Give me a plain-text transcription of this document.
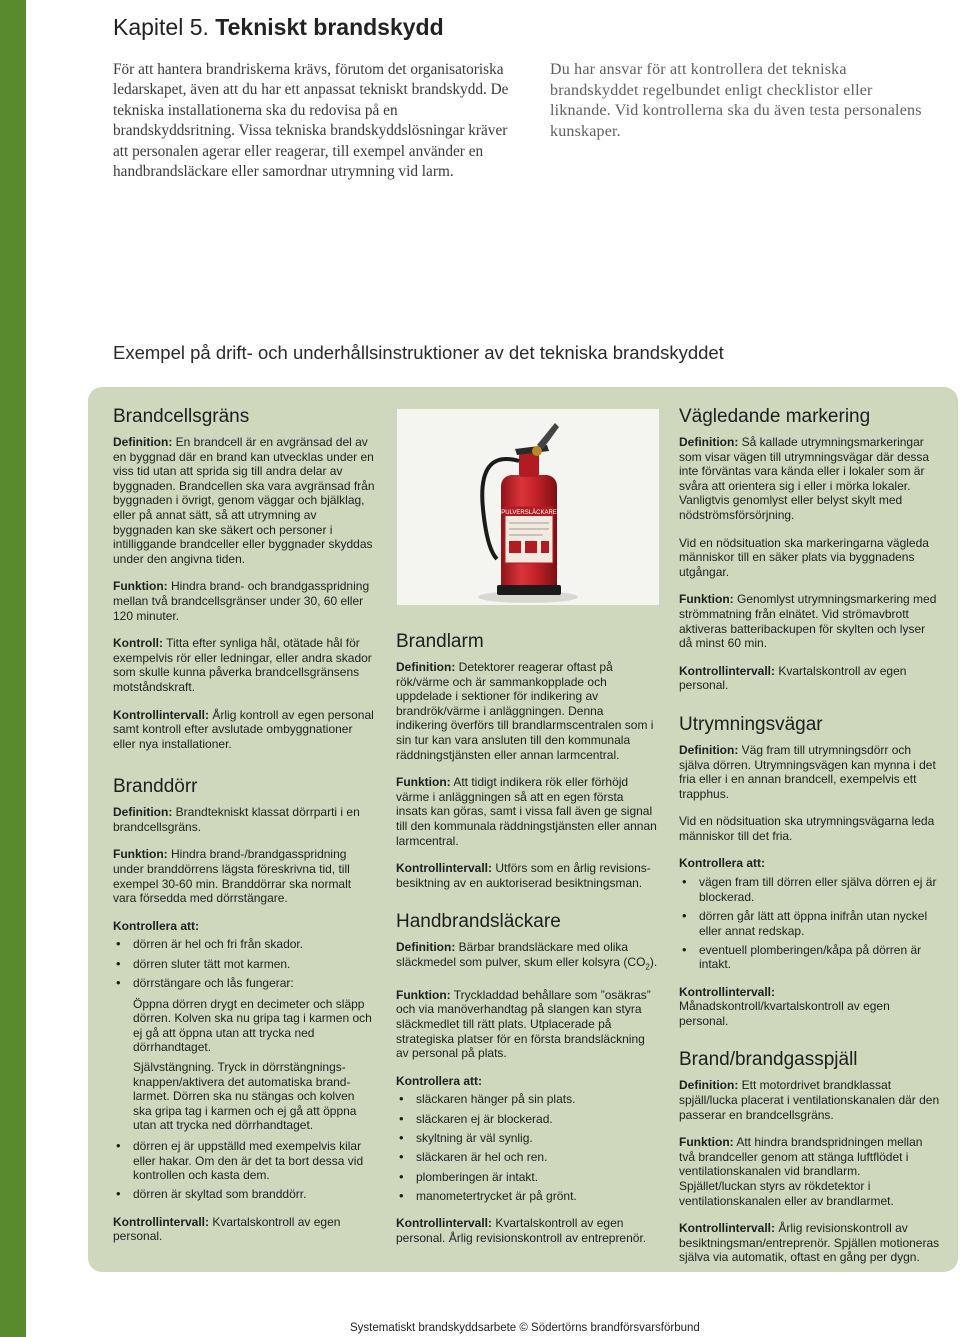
Kapitel 5. Tekniskt brandskydd
För att hantera brandriskerna krävs, förutom det organisatoriska ledarskapet, även att du har ett anpassat tekniskt brandskydd. De tekniska installationerna ska du redovisa på en brandskyddsritning. Vissa tekniska brandskyddslösningar kräver att personalen agerar eller reagerar, till exempel använder en handbrandsläckare eller samordnar utrymning vid larm.
Du har ansvar för att kontrollera det tekniska brandskyddet regelbundet enligt checklistor eller liknande. Vid kontrollerna ska du även testa personalens kunskaper.
Exempel på drift- och underhållsinstruktioner av det tekniska brandskyddet
Brandcellsgräns

Definition: En brandcell är en avgränsad del av en byggnad där en brand kan utvecklas under en viss tid utan att sprida sig till andra delar av byggnaden. Brandcellen ska vara avgränsad från byggnaden i övrigt, genom väggar och bjälklag, eller på annat sätt, så att utrymning av byggnaden kan ske säkert och personer i intilliggande brandceller eller byggnader skyddas under den angivna tiden.

Funktion: Hindra brand- och brandgasspridning mellan två brandcellsgränser under 30, 60 eller 120 minuter.

Kontroll: Titta efter synliga hål, otätade hål för exempelvis rör eller ledningar, eller andra skador som skulle kunna påverka brandcellsgränsens motståndskraft.

Kontrollintervall: Årlig kontroll av egen personal samt kontroll efter avslutade ombyggnationer eller nya installationer.

Branddörr

Definition: Brandtekniskt klassat dörrparti i en brandcellsgräns.

Funktion: Hindra brand-/brandgasspridning under branddörrens lägsta föreskrivna tid, till exempel 30-60 min. Branddörrar ska normalt vara försedda med dörrstängare.

Kontrollera att:

• dörren är hel och fri från skador.
• dörren sluter tätt mot karmen.
• dörrstängare och lås fungerar:

Öppna dörren drygt en decimeter och släpp dörren. Kolven ska nu gripa tag i karmen och ej gå att öppna utan att trycka ned dörrhandtaget.

Självstängning. Tryck in dörrstängningsknappen/aktivera det automatiska brandlarmet. Dörren ska nu stängas och kolven ska gripa tag i karmen och ej gå att öppna utan att trycka ned dörrhandtaget.

• dörren ej är uppställd med exempelvis kilar eller hakar. Om den är det ta bort dessa vid kontrollen och kasta dem.
• dörren är skyltad som branddörr.

Kontrollintervall: Kvartalskontroll av egen personal.

PULVERSLÄCKARE
Brandlarm

Definition: Detektorer reagerar oftast på rök/värme och är sammankopplade och uppdelade i sektioner för indikering av brandrök/värme i anläggningen. Denna indikering överförs till brandlarmscentralen som i sin tur kan vara ansluten till den kommunala räddningstjänsten eller annan larmcentral.

Funktion: Att tidigt indikera rök eller förhöjd värme i anläggningen så att en egen första insats kan göras, samt i vissa fall även ge signal till den kommunala räddningstjänsten eller annan larmcentral.

Kontrollintervall: Utförs som en årlig revisionsbesiktning av en auktoriserad besiktningsman.

Handbrandsläckare

Definition: Bärbar brandsläckare med olika släckmedel som pulver, skum eller kolsyra $(CO_2)$.

Funktion: Tryckladdad behållare som ”osäkras” och via manöverhandtag på slangen kan styra släckmedlet till rätt plats. Utplacerade på strategiska platser för en första brandsläckning av personal på plats.

Kontrollera att:

• släckaren hänger på sin plats.
• släckaren ej är blockerad.
• skyltning är väl synlig.
• släckaren är hel och ren.
• plomberingen är intakt.
• manometertrycket är på grönt.

Kontrollintervall: Kvartalskontroll av egen personal. Årlig revisionskontroll av entreprenör.

Vägledande markering

Definition: Så kallade utrymningsmarkeringar som visar vägen till utrymningsvägar där dessa inte förväntas vara kända eller i lokaler som är svåra att orientera sig i eller i mörka lokaler. Vanligtvis genomlyst eller belyst skylt med nödströmsförsörjning.

Vid en nödsituation ska markeringarna vägleda människor till en säker plats via byggnadens utgångar.

Funktion: Genomlyst utrymningsmarkering med strömmatning från elnätet. Vid strömavbrott aktiveras batteribackupen för skylten och lyser då minst 60 min.

Kontrollintervall: Kvartalskontroll av egen personal.

Utrymningsvägar

Definition: Väg fram till utrymningsdörr och själva dörren. Utrymningsvägen kan mynna i det fria eller i en annan brandcell, exempelvis ett trapphus.

Vid en nödsituation ska utrymningsvägarna leda människor till det fria.

Kontrollera att:

• vägen fram till dörren eller själva dörren ej är blockerad.
• dörren går lätt att öppna inifrån utan nyckel eller annat redskap.
• eventuell plomberingen/kåpa på dörren är intakt.

Kontrollintervall: Månadskontroll/kvartalskontroll av egen personal.

Brand/brandgasspjäll

Definition: Ett motordrivet brandklassat spjäll/lucka placerat i ventilationskanalen där den passerar en brandcellsgräns.

Funktion: Att hindra brandspridningen mellan två brandceller genom att stänga luftflödet i ventilationskanalen vid brandlarm. Spjället/luckan styrs av rökdetektor i ventilationskanalen eller av brandlarmet.

Kontrollintervall: Årlig revisionskontroll av besiktningsman/entreprenör. Spjällen motioneras själva via automatik, oftast en gång per dygn.

Systematiskt brandskyddsarbete © Södertörns brandförsvarsförbund
